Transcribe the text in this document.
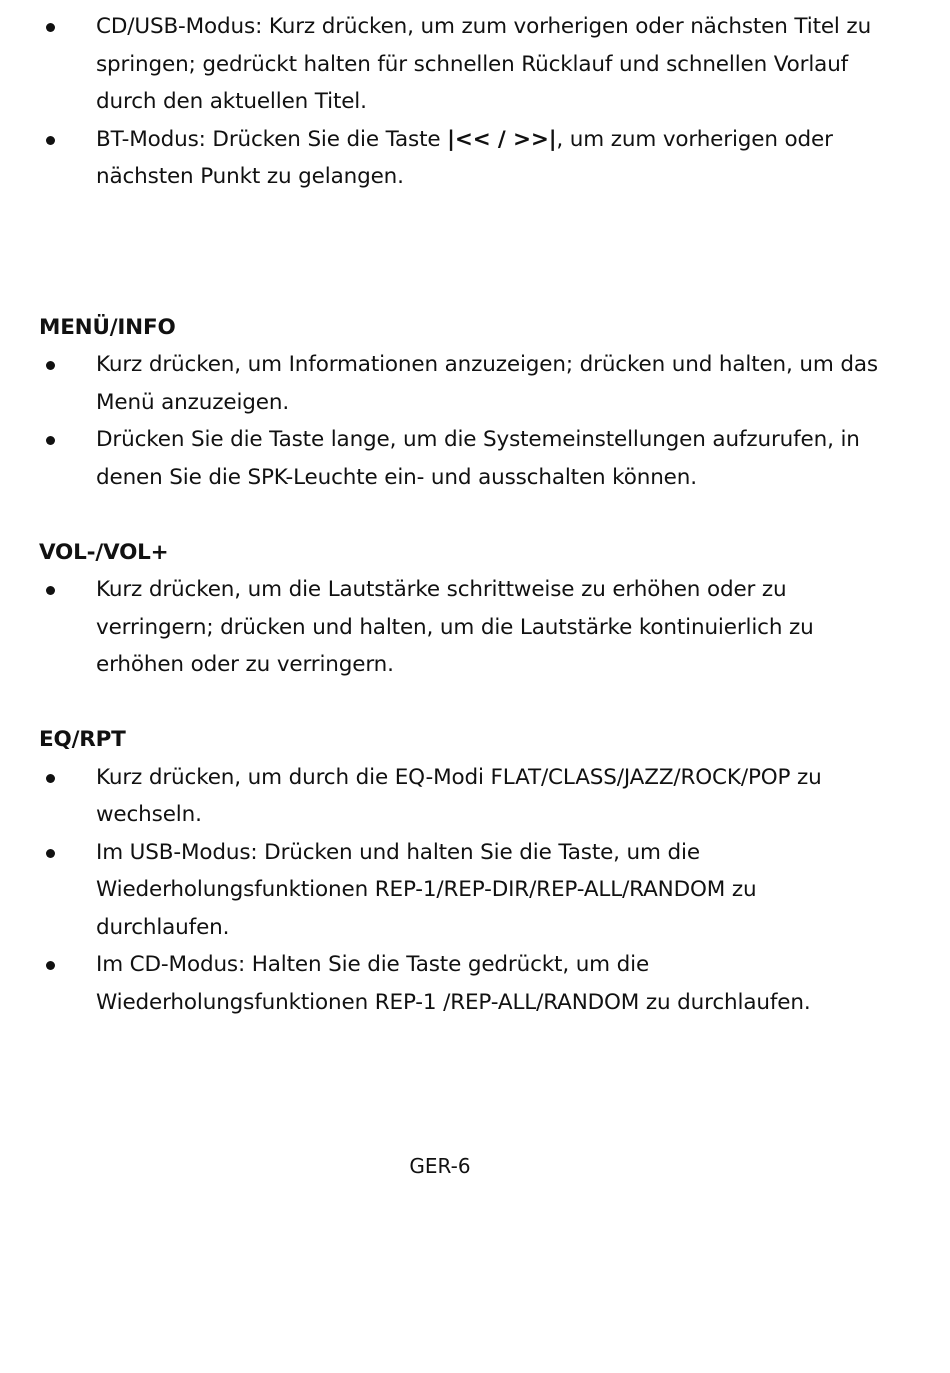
CD/USB-Modus: Kurz drücken, um zum vorherigen oder nächsten Titel zu springen; gedrückt halten für schnellen Rücklauf und schnellen Vorlauf durch den aktuellen Titel.
BT-Modus: Drücken Sie die Taste |<< / >>|, um zum vorherigen oder nächsten Punkt zu gelangen.
MENÜ/INFO
Kurz drücken, um Informationen anzuzeigen; drücken und halten, um das Menü anzuzeigen.
Drücken Sie die Taste lange, um die Systemeinstellungen aufzurufen, in denen Sie die SPK-Leuchte ein- und ausschalten können.
VOL-/VOL+
Kurz drücken, um die Lautstärke schrittweise zu erhöhen oder zu verringern; drücken und halten, um die Lautstärke kontinuierlich zu erhöhen oder zu verringern.
EQ/RPT
Kurz drücken, um durch die EQ-Modi FLAT/CLASS/JAZZ/ROCK/POP zu wechseln.
Im USB-Modus: Drücken und halten Sie die Taste, um die Wiederholungsfunktionen REP-1/REP-DIR/REP-ALL/RANDOM zu durchlaufen.
Im CD-Modus: Halten Sie die Taste gedrückt, um die Wiederholungsfunktionen REP-1 /REP-ALL/RANDOM zu durchlaufen.
GER-6
